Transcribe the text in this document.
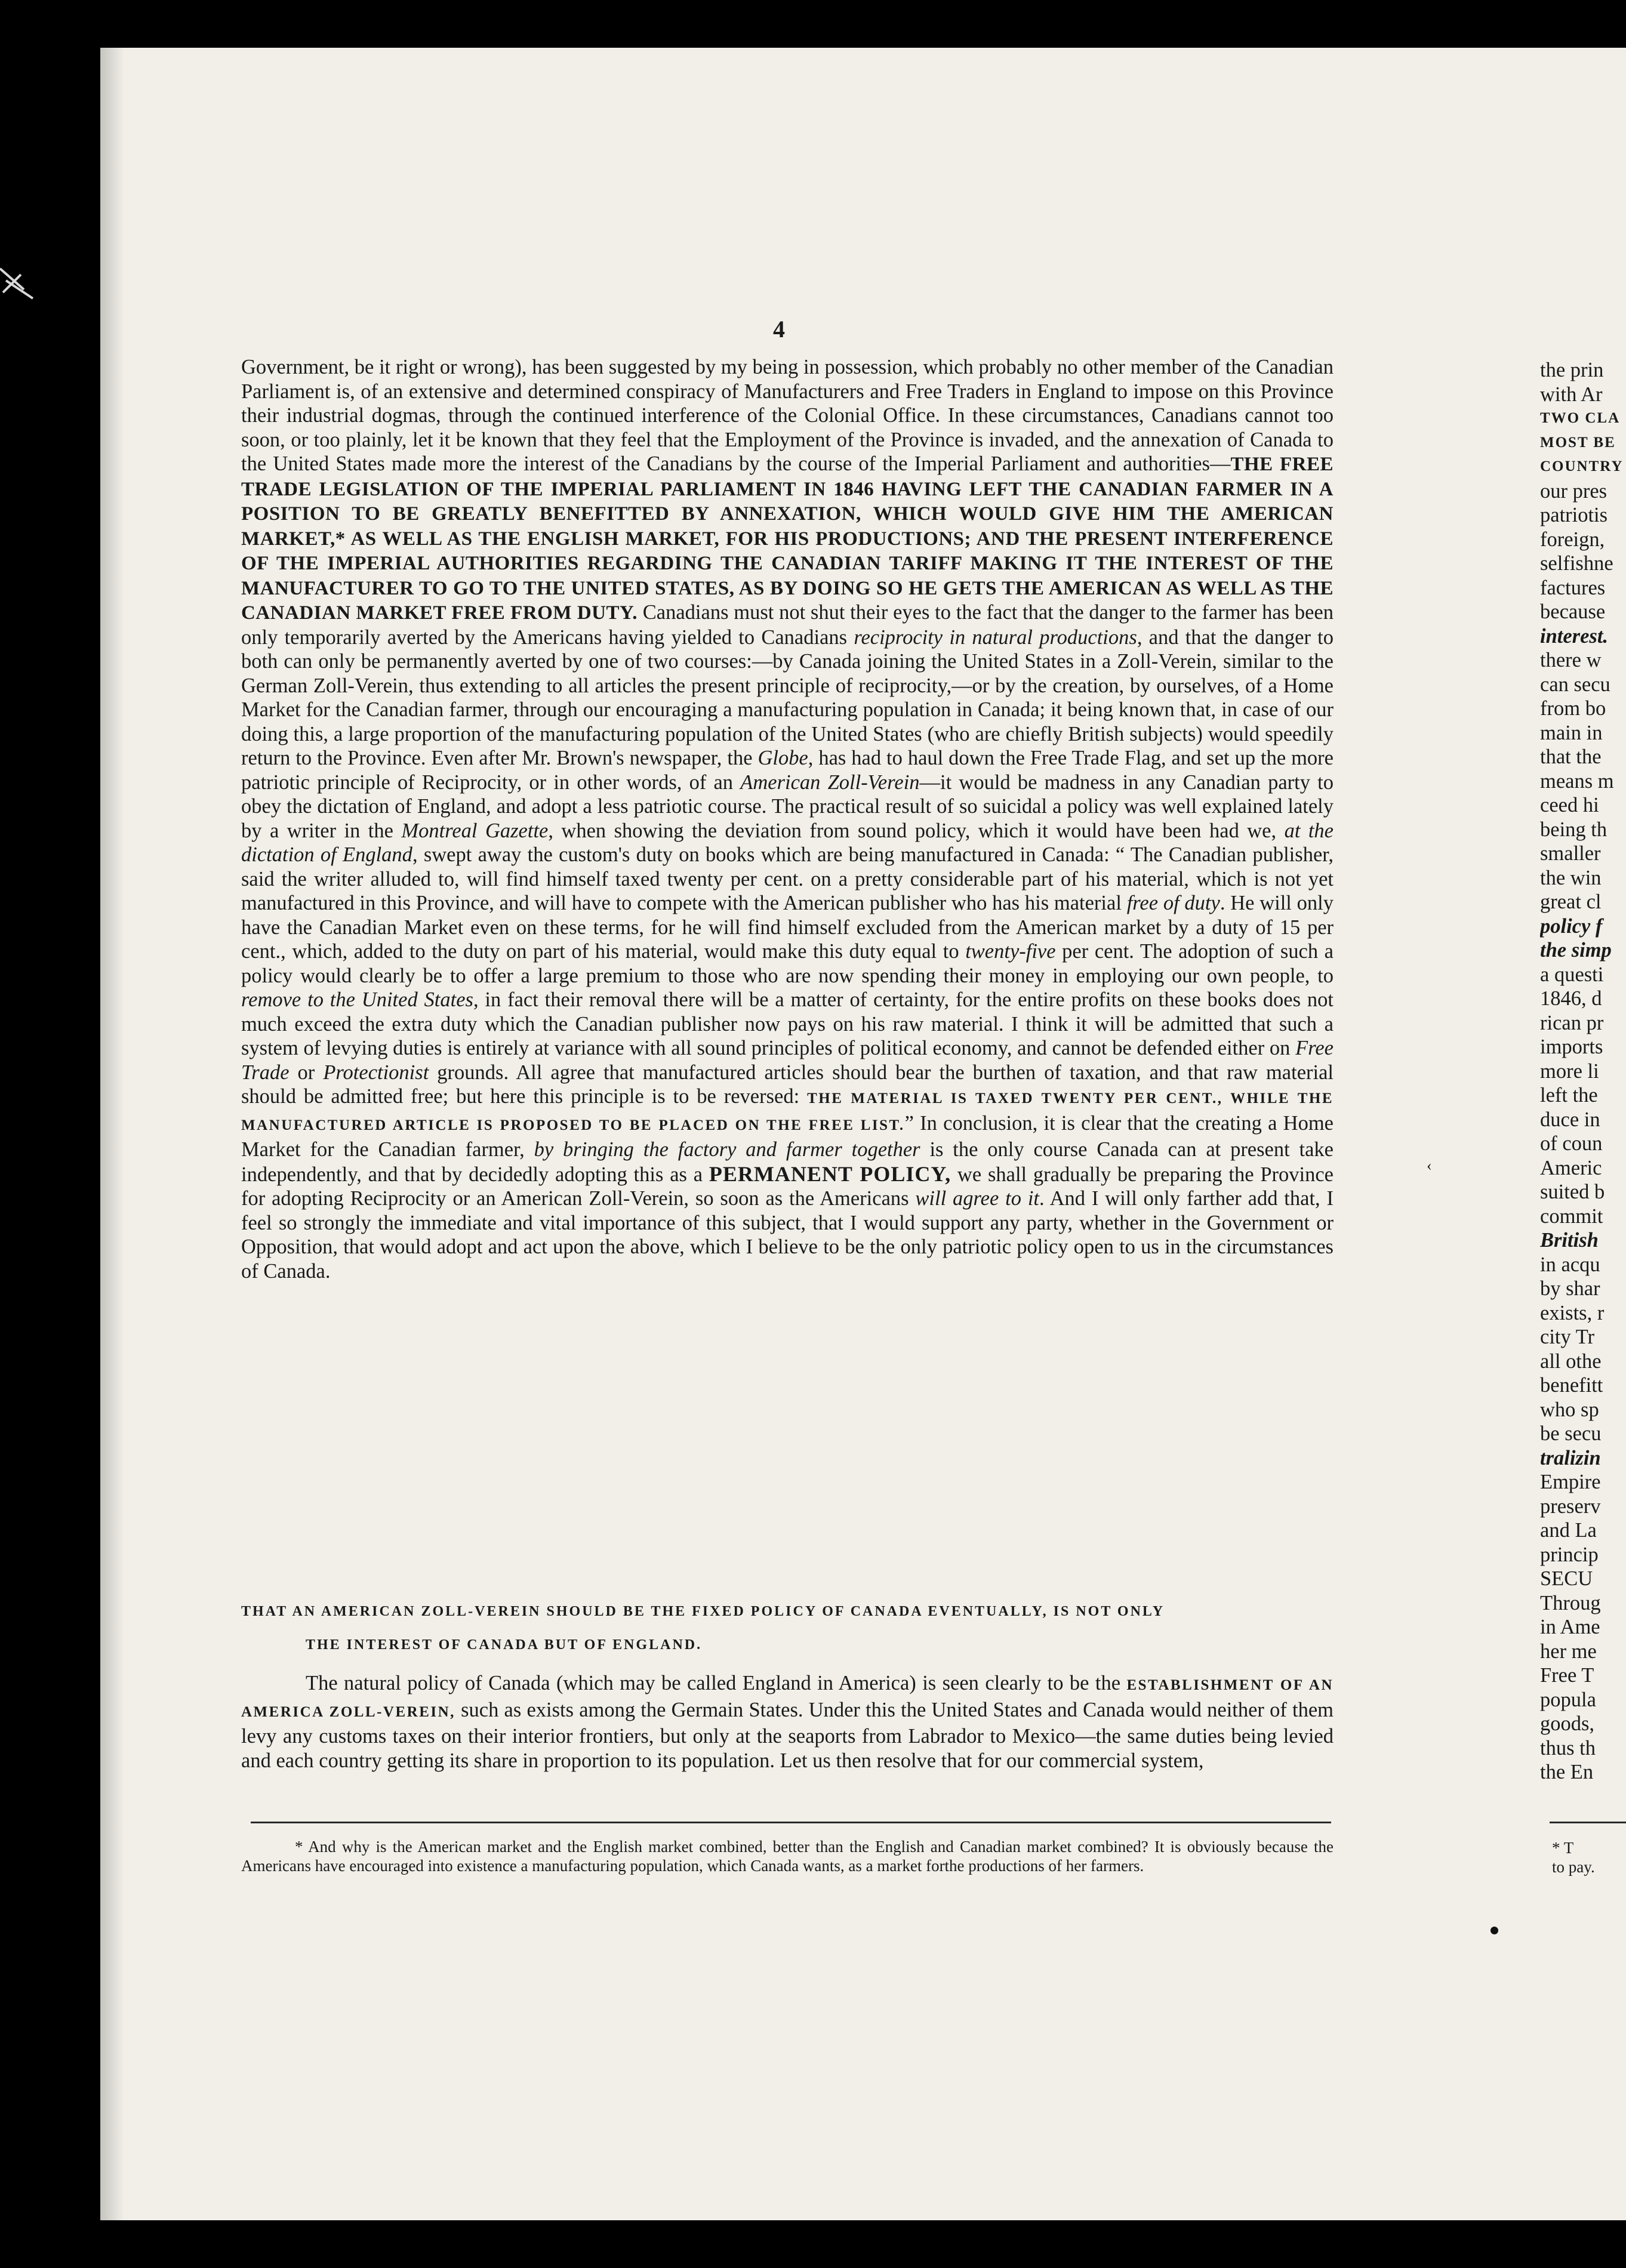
4

Government, be it right or wrong), has been suggested by my being in possession, which probably no other member of the Canadian Parliament is, of an extensive and determined conspiracy of Manufacturers and Free Traders in England to impose on this Province their industrial dogmas, through the continued interference of the Colonial Office. In these circumstances, Canadians cannot too soon, or too plainly, let it be known that they feel that the Employment of the Province is invaded, and the annexation of Canada to the United States made more the interest of the Canadians by the course of the Imperial Parliament and authorities—THE FREE TRADE LEGISLATION OF THE IMPERIAL PARLIAMENT IN 1846 HAVING LEFT THE CANADIAN FARMER IN A POSITION TO BE GREATLY BENEFITTED BY ANNEXATION, WHICH WOULD GIVE HIM THE AMERICAN MARKET,* AS WELL AS THE ENGLISH MARKET, FOR HIS PRODUCTIONS; AND THE PRESENT INTERFERENCE OF THE IMPERIAL AUTHORITIES REGARDING THE CANADIAN TARIFF MAKING IT THE INTEREST OF THE MANUFACTURER TO GO TO THE UNITED STATES, AS BY DOING SO HE GETS THE AMERICAN AS WELL AS THE CANADIAN MARKET FREE FROM DUTY. Canadians must not shut their eyes to the fact that the danger to the farmer has been only temporarily averted by the Americans having yielded to Canadians reciprocity in natural productions, and that the danger to both can only be permanently averted by one of two courses:—by Canada joining the United States in a Zoll-Verein, similar to the German Zoll-Verein, thus extending to all articles the present principle of reciprocity,—or by the creation, by ourselves, of a Home Market for the Canadian farmer, through our encouraging a manufacturing population in Canada; it being known that, in case of our doing this, a large proportion of the manufacturing population of the United States (who are chiefly British subjects) would speedily return to the Province. Even after Mr. Brown's newspaper, the Globe, has had to haul down the Free Trade Flag, and set up the more patriotic principle of Reciprocity, or in other words, of an American Zoll-Verein—it would be madness in any Canadian party to obey the dictation of England, and adopt a less patriotic course. The practical result of so suicidal a policy was well explained lately by a writer in the Montreal Gazette, when showing the deviation from sound policy, which it would have been had we, at the dictation of England, swept away the custom's duty on books which are being manufactured in Canada: “ The Canadian publisher, said the writer alluded to, will find himself taxed twenty per cent. on a pretty considerable part of his material, which is not yet manufactured in this Province, and will have to compete with the American publisher who has his material free of duty. He will only have the Canadian Market even on these terms, for he will find himself excluded from the American market by a duty of 15 per cent., which, added to the duty on part of his material, would make this duty equal to twenty-five per cent. The adoption of such a policy would clearly be to offer a large premium to those who are now spending their money in employing our own people, to remove to the United States, in fact their removal there will be a matter of certainty, for the entire profits on these books does not much exceed the extra duty which the Canadian publisher now pays on his raw material. I think it will be admitted that such a system of levying duties is entirely at variance with all sound principles of political economy, and cannot be defended either on Free Trade or Protectionist grounds. All agree that manufactured articles should bear the burthen of taxation, and that raw material should be admitted free; but here this principle is to be reversed: THE MATERIAL IS TAXED TWENTY PER CENT., WHILE THE MANUFACTURED ARTICLE IS PROPOSED TO BE PLACED ON THE FREE LIST.” In conclusion, it is clear that the creating a Home Market for the Canadian farmer, by bringing the factory and farmer together is the only course Canada can at present take independently, and that by decidedly adopting this as a PERMANENT POLICY, we shall gradually be preparing the Province for adopting Reciprocity or an American Zoll-Verein, so soon as the Americans will agree to it. And I will only farther add that, I feel so strongly the immediate and vital importance of this subject, that I would support any party, whether in the Government or Opposition, that would adopt and act upon the above, which I believe to be the only patriotic policy open to us in the circumstances of Canada.

THAT AN AMERICAN ZOLL-VEREIN SHOULD BE THE FIXED POLICY OF CANADA EVENTUALLY, IS NOT ONLY
THE INTEREST OF CANADA BUT OF ENGLAND.

The natural policy of Canada (which may be called England in America) is seen clearly to be the ESTABLISHMENT OF AN AMERICA ZOLL-VEREIN, such as exists among the Germain States. Under this the United States and Canada would neither of them levy any customs taxes on their interior frontiers, but only at the seaports from Labrador to Mexico—the same duties being levied and each country getting its share in proportion to its population. Let us then resolve that for our commercial system,

* And why is the American market and the English market combined, better than the English and Canadian market combined? It is obviously because the Americans have encouraged into existence a manufacturing population, which Canada wants, as a market forthe productions of her farmers.

the prin
with Ar
TWO CLA
MOST BE
COUNTRY
our pres
patriotis
foreign,
selfishne
factures
because
interest.
there w
can secu
from bo
main in
that the
means m
ceed hi
being th
smaller
the win
great cl
policy f
the simp
a questi
1846, d
rican pr
imports
more li
left the
duce in
of coun
Americ
suited b
commit
British
in acqu
by shar
exists, r
city Tr
all othe
benefitt
who sp
be secu
tralizin
Empire
preserv
and La
princip
SECU
Throug
in Ame
her me
Free T
popula
goods,
thus th
the En
* T
to pay.
‹
